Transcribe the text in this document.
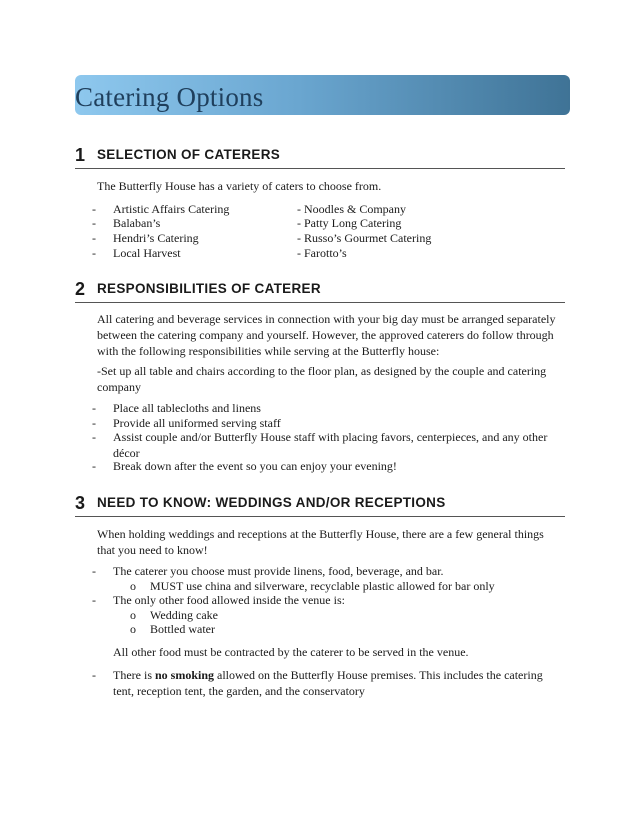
Catering Options
1 SELECTION OF CATERERS
The Butterfly House has a variety of caters to choose from.
- Artistic Affairs Catering	- Noodles & Company
- Balaban’s	- Patty Long Catering
- Hendri’s Catering	- Russo’s Gourmet Catering
- Local Harvest	- Farotto’s
2 RESPONSIBILITIES OF CATERER
All catering and beverage services in connection with your big day must be arranged separately between the catering company and yourself. However, the approved caterers do follow through with the following responsibilities while serving at the Butterfly house:
-Set up all table and chairs according to the floor plan, as designed by the couple and catering company
- Place all tablecloths and linens
- Provide all uniformed serving staff
- Assist couple and/or Butterfly House staff with placing favors, centerpieces, and any other décor
- Break down after the event so you can enjoy your evening!
3 NEED TO KNOW: WEDDINGS AND/OR RECEPTIONS
When holding weddings and receptions at the Butterfly House, there are a few general things that you need to know!
- The caterer you choose must provide linens, food, beverage, and bar.
o MUST use china and silverware, recyclable plastic allowed for bar only
- The only other food allowed inside the venue is:
o Wedding cake
o Bottled water
All other food must be contracted by the caterer to be served in the venue.
- There is no smoking allowed on the Butterfly House premises. This includes the catering tent, reception tent, the garden, and the conservatory
